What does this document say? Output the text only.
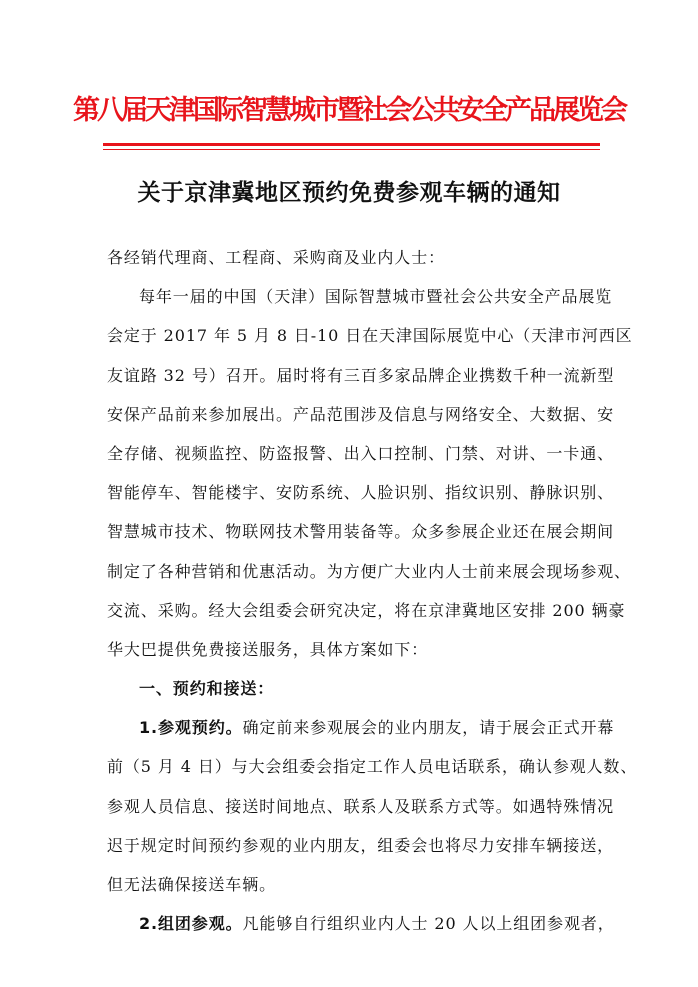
第八届天津国际智慧城市暨社会公共安全产品展览会
关于京津冀地区预约免费参观车辆的通知
各经销代理商、工程商、采购商及业内人士：
每年一届的中国（天津）国际智慧城市暨社会公共安全产品展览
会定于 2017 年 5 月 8 日-10 日在天津国际展览中心（天津市河西区
友谊路 32 号）召开。届时将有三百多家品牌企业携数千种一流新型
安保产品前来参加展出。产品范围涉及信息与网络安全、大数据、安
全存储、视频监控、防盗报警、出入口控制、门禁、对讲、一卡通、
智能停车、智能楼宇、安防系统、人脸识别、指纹识别、静脉识别、
智慧城市技术、物联网技术警用装备等。众多参展企业还在展会期间
制定了各种营销和优惠活动。为方便广大业内人士前来展会现场参观、
交流、采购。经大会组委会研究决定，将在京津冀地区安排 200 辆豪
华大巴提供免费接送服务，具体方案如下：
一、预约和接送：
1.参观预约。确定前来参观展会的业内朋友，请于展会正式开幕
前（5 月 4 日）与大会组委会指定工作人员电话联系，确认参观人数、
参观人员信息、接送时间地点、联系人及联系方式等。如遇特殊情况
迟于规定时间预约参观的业内朋友，组委会也将尽力安排车辆接送，
但无法确保接送车辆。
2.组团参观。凡能够自行组织业内人士 20 人以上组团参观者，
